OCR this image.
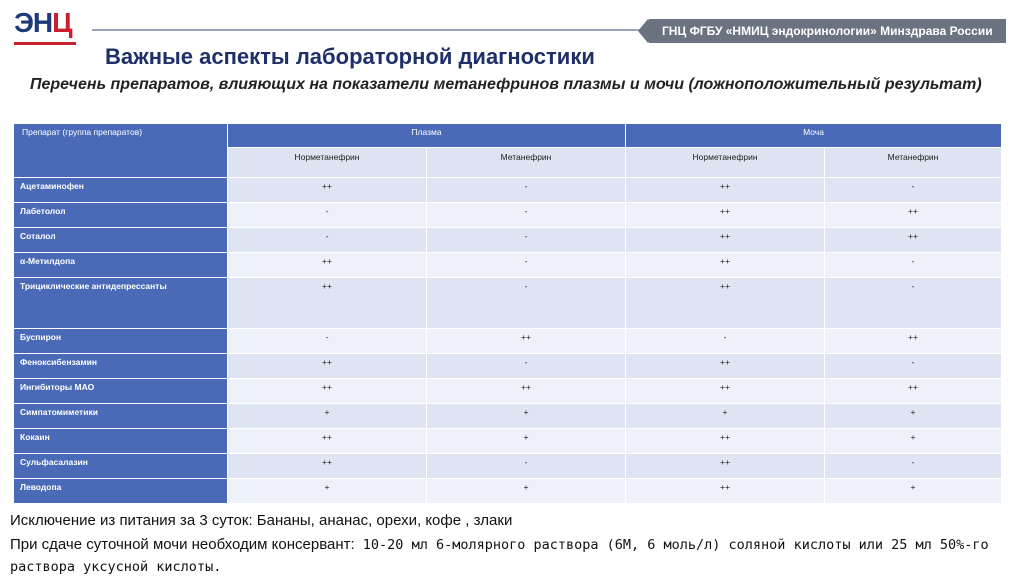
ЭНЦ	ГНЦ ФГБУ «НМИЦ эндокринологии» Минздрава России
Важные аспекты лабораторной диагностики
Перечень препаратов, влияющих на показатели метанефринов плазмы и мочи (ложноположительный результат)
Препарат (группа препаратов)	Плазма		Моча	
	Норметанефрин	Метанефрин	Норметанефрин	Метанефрин
Ацетаминофен	++	-	++	-
Лабетолол	-	-	++	++
Соталол	-	-	++	++
α-Метилдопа	++	-	++	-
Трициклические антидепрессанты	++	-	++	-
Буспирон	-	++	-	++
Феноксибензамин	++	-	++	-
Ингибиторы МАО	++	++	++	++
Симпатомиметики	+	+	+	+
Кокаин	++	+	++	+
Сульфасалазин	++	-	++	-
Леводопа	+	+	++	+
Исключение из питания за 3 суток: Бананы, ананас, орехи, кофе , злаки
При сдаче суточной мочи необходим консервант: 10-20 мл 6-молярного раствора (6М, 6 моль/л) соляной кислоты или 25 мл 50%-го раствора уксусной кислоты.
